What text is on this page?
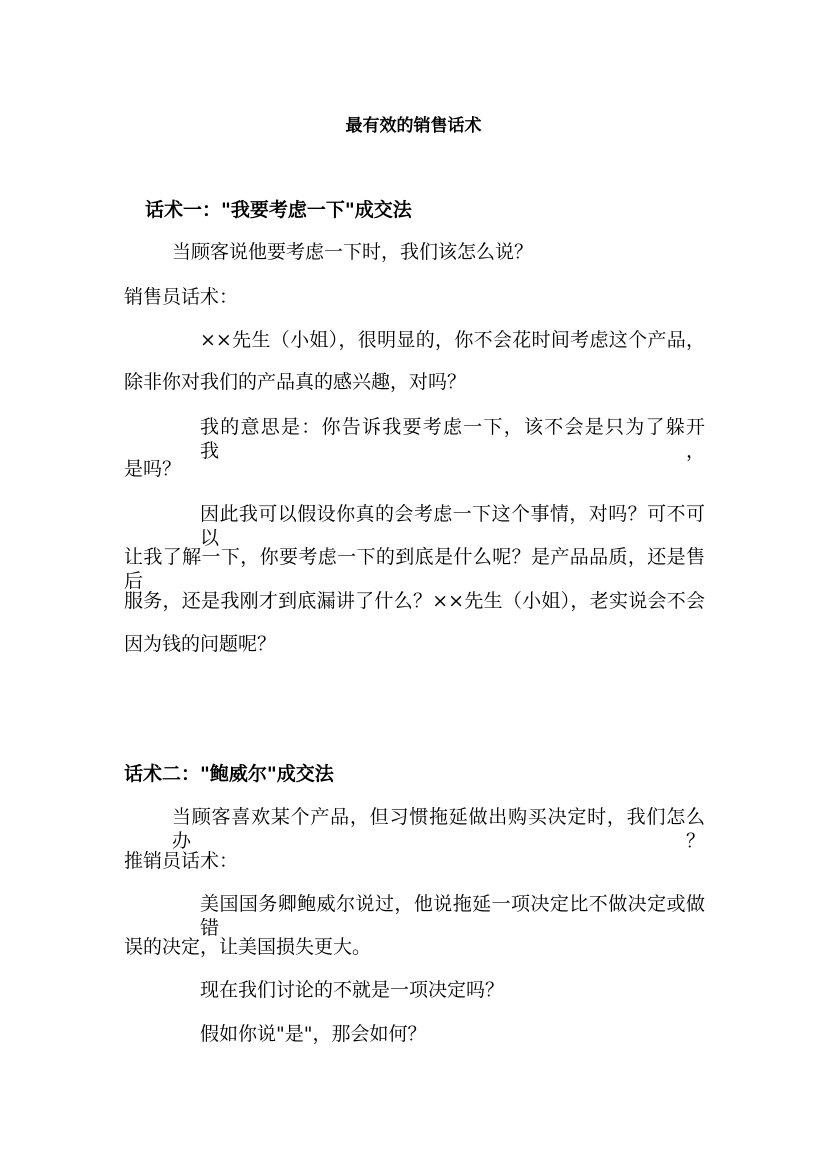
最有效的销售话术

话术一："我要考虑一下"成交法

当顾客说他要考虑一下时，我们该怎么说？

销售员话术：

××先生（小姐），很明显的，你不会花时间考虑这个产品，

除非你对我们的产品真的感兴趣，对吗？

我的意思是：你告诉我要考虑一下，该不会是只为了躲开我，

是吗？

因此我可以假设你真的会考虑一下这个事情，对吗？可不可以

让我了解一下，你要考虑一下的到底是什么呢？是产品品质，还是售后

服务，还是我刚才到底漏讲了什么？××先生（小姐），老实说会不会

因为钱的问题呢？

话术二："鲍威尔"成交法

当顾客喜欢某个产品，但习惯拖延做出购买决定时，我们怎么办？

推销员话术：

美国国务卿鲍威尔说过，他说拖延一项决定比不做决定或做错

误的决定，让美国损失更大。

现在我们讨论的不就是一项决定吗？

假如你说"是"，那会如何？
